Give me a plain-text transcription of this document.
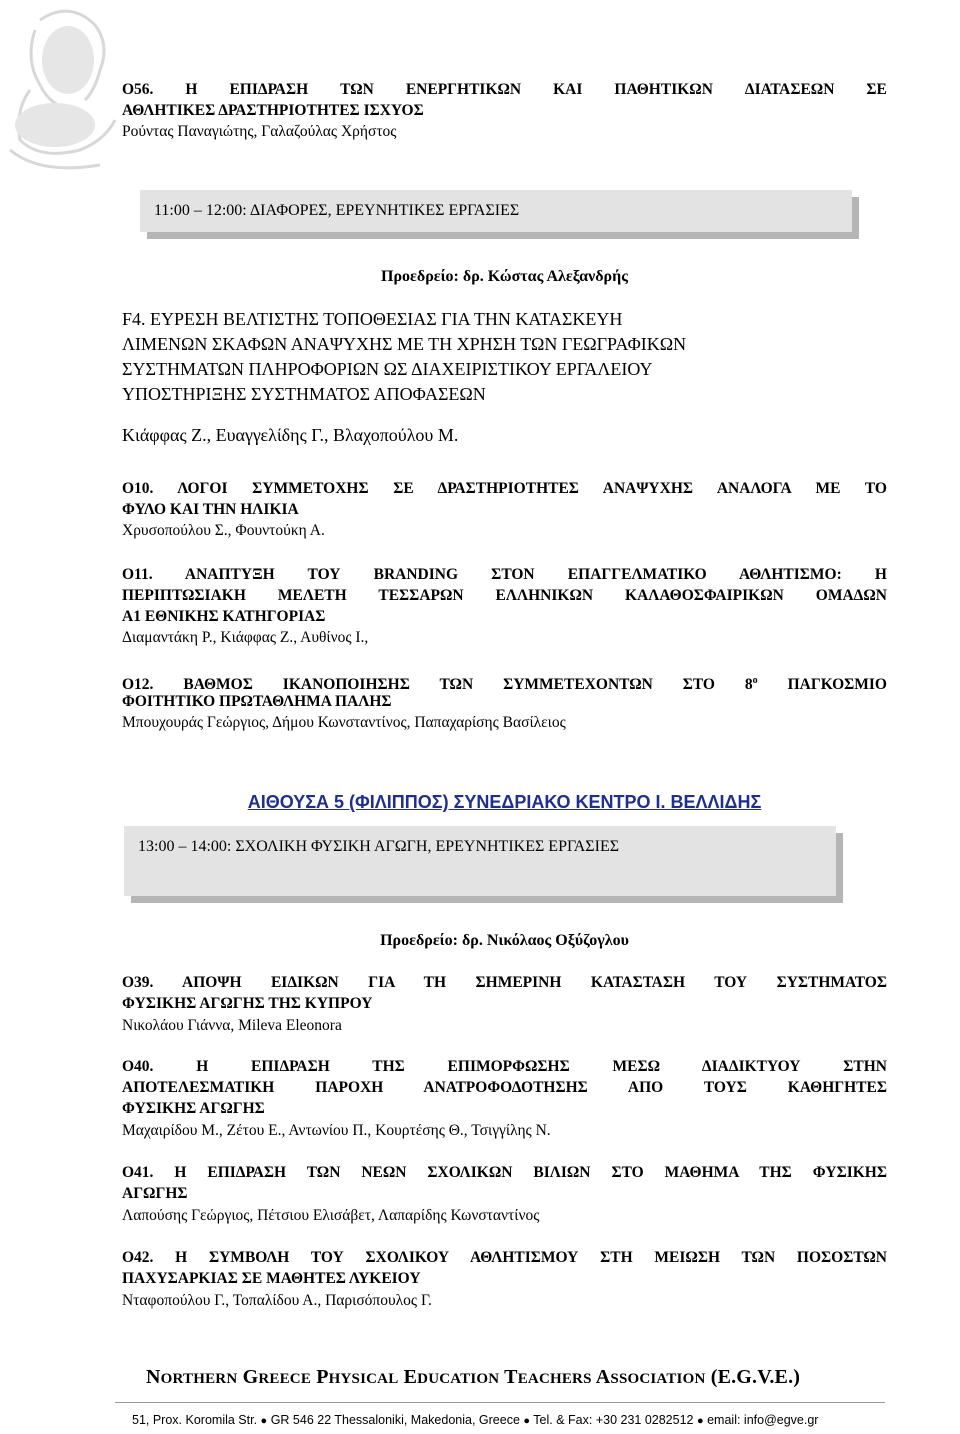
Ο56. Η ΕΠΙΔΡΑΣΗ ΤΩΝ ΕΝΕΡΓΗΤΙΚΩΝ ΚΑΙ ΠΑΘΗΤΙΚΩΝ ΔΙΑΤΑΣΕΩΝ ΣΕ
ΑΘΛΗΤΙΚΕΣ ΔΡΑΣΤΗΡΙΟΤΗΤΕΣ ΙΣΧΥΟΣ
Ρούντας Παναγιώτης, Γαλαζούλας Χρήστος
11:00 – 12:00: ΔΙΑΦΟΡΕΣ, ΕΡΕΥΝΗΤΙΚΕΣ ΕΡΓΑΣΙΕΣ
Προεδρείο: δρ. Κώστας Αλεξανδρής
F4. ΕΥΡΕΣΗ ΒΕΛΤΙΣΤΗΣ ΤΟΠΟΘΕΣΙΑΣ ΓΙΑ ΤΗΝ ΚΑΤΑΣΚΕΥΗ
ΛΙΜΕΝΩΝ ΣΚΑΦΩΝ ΑΝΑΨΥΧΗΣ ΜΕ ΤΗ ΧΡΗΣΗ ΤΩΝ ΓΕΩΓΡΑΦΙΚΩΝ
ΣΥΣΤΗΜΑΤΩΝ ΠΛΗΡΟΦΟΡΙΩΝ ΩΣ ΔΙΑΧΕΙΡΙΣΤΙΚΟΥ ΕΡΓΑΛΕΙΟΥ
ΥΠΟΣΤΗΡΙΞΗΣ ΣΥΣΤΗΜΑΤΟΣ ΑΠΟΦΑΣΕΩΝ
Κιάφφας Ζ., Ευαγγελίδης Γ., Βλαχοπούλου Μ.
Ο10. ΛΟΓΟΙ ΣΥΜΜΕΤΟΧΗΣ ΣΕ ΔΡΑΣΤΗΡΙΟΤΗΤΕΣ ΑΝΑΨΥΧΗΣ ΑΝΑΛΟΓΑ ΜΕ ΤΟ
ΦΥΛΟ ΚΑΙ ΤΗΝ ΗΛΙΚΙΑ
Χρυσοπούλου Σ., Φουντούκη Α.
Ο11. ΑΝΑΠΤΥΞΗ ΤΟΥ BRANDING ΣΤΟΝ ΕΠΑΓΓΕΛΜΑΤΙΚΟ ΑΘΛΗΤΙΣΜΟ: Η
ΠΕΡΙΠΤΩΣΙΑΚΗ ΜΕΛΕΤΗ ΤΕΣΣΑΡΩΝ ΕΛΛΗΝΙΚΩΝ ΚΑΛΑΘΟΣΦΑΙΡΙΚΩΝ ΟΜΑΔΩΝ
Α1 ΕΘΝΙΚΗΣ ΚΑΤΗΓΟΡΙΑΣ
Διαμαντάκη Ρ., Κιάφφας Ζ., Αυθίνος Ι.,
Ο12. ΒΑΘΜΟΣ ΙΚΑΝΟΠΟΙΗΣΗΣ ΤΩΝ ΣΥΜΜΕΤΕΧΟΝΤΩΝ ΣΤΟ $8^o$ ΠΑΓΚΟΣΜΙΟ
ΦΟΙΤΗΤΙΚΟ ΠΡΩΤΑΘΛΗΜΑ ΠΑΛΗΣ
Μπουχουράς Γεώργιος, Δήμου Κωνσταντίνος, Παπαχαρίσης Βασίλειος
ΑΙΘΟΥΣΑ 5 (ΦΙΛΙΠΠΟΣ) ΣΥΝΕΔΡΙΑΚΟ ΚΕΝΤΡΟ Ι. ΒΕΛΛΙΔΗΣ
13:00 – 14:00: ΣΧΟΛΙΚΗ ΦΥΣΙΚΗ ΑΓΩΓΗ, ΕΡΕΥΝΗΤΙΚΕΣ ΕΡΓΑΣΙΕΣ
Προεδρείο: δρ. Νικόλαος Οξύζογλου
Ο39. ΑΠΟΨΗ ΕΙΔΙΚΩΝ ΓΙΑ ΤΗ ΣΗΜΕΡΙΝΗ ΚΑΤΑΣΤΑΣΗ ΤΟΥ ΣΥΣΤΗΜΑΤΟΣ
ΦΥΣΙΚΗΣ ΑΓΩΓΗΣ ΤΗΣ ΚΥΠΡΟΥ
Νικολάου Γιάννα, Mileva Eleonora
Ο40. Η ΕΠΙΔΡΑΣΗ ΤΗΣ ΕΠΙΜΟΡΦΩΣΗΣ ΜΕΣΩ ΔΙΑΔΙΚΤΥΟΥ ΣΤΗΝ
ΑΠΟΤΕΛΕΣΜΑΤΙΚΗ ΠΑΡΟΧΗ ΑΝΑΤΡΟΦΟΔΟΤΗΣΗΣ ΑΠΟ ΤΟΥΣ ΚΑΘΗΓΗΤΕΣ
ΦΥΣΙΚΗΣ ΑΓΩΓΗΣ
Μαχαιρίδου Μ., Ζέτου Ε., Αντωνίου Π., Κουρτέσης Θ., Τσιγγίλης Ν.
Ο41. Η ΕΠΙΔΡΑΣΗ ΤΩΝ ΝΕΩΝ ΣΧΟΛΙΚΩΝ ΒΙΛΙΩΝ ΣΤΟ ΜΑΘΗΜΑ ΤΗΣ ΦΥΣΙΚΗΣ
ΑΓΩΓΗΣ
Λαπούσης Γεώργιος, Πέτσιου Ελισάβετ, Λαπαρίδης Κωνσταντίνος
Ο42. Η ΣΥΜΒΟΛΗ ΤΟΥ ΣΧΟΛΙΚΟΥ ΑΘΛΗΤΙΣΜΟΥ ΣΤΗ ΜΕΙΩΣΗ ΤΩΝ ΠΟΣΟΣΤΩΝ
ΠΑΧΥΣΑΡΚΙΑΣ ΣΕ ΜΑΘΗΤΕΣ ΛΥΚΕΙΟΥ
Νταφοπούλου Γ., Τοπαλίδου Α., Παρισόπουλος Γ.
NORTHERN GREECE PHYSICAL EDUCATION TEACHERS ASSOCIATION (E.G.V.E.)
51, Prox. Koromila Str. ● GR 546 22 Thessaloniki, Makedonia, Greece ● Tel. & Fax: +30 231 0282512 ● email: info@egve.gr
